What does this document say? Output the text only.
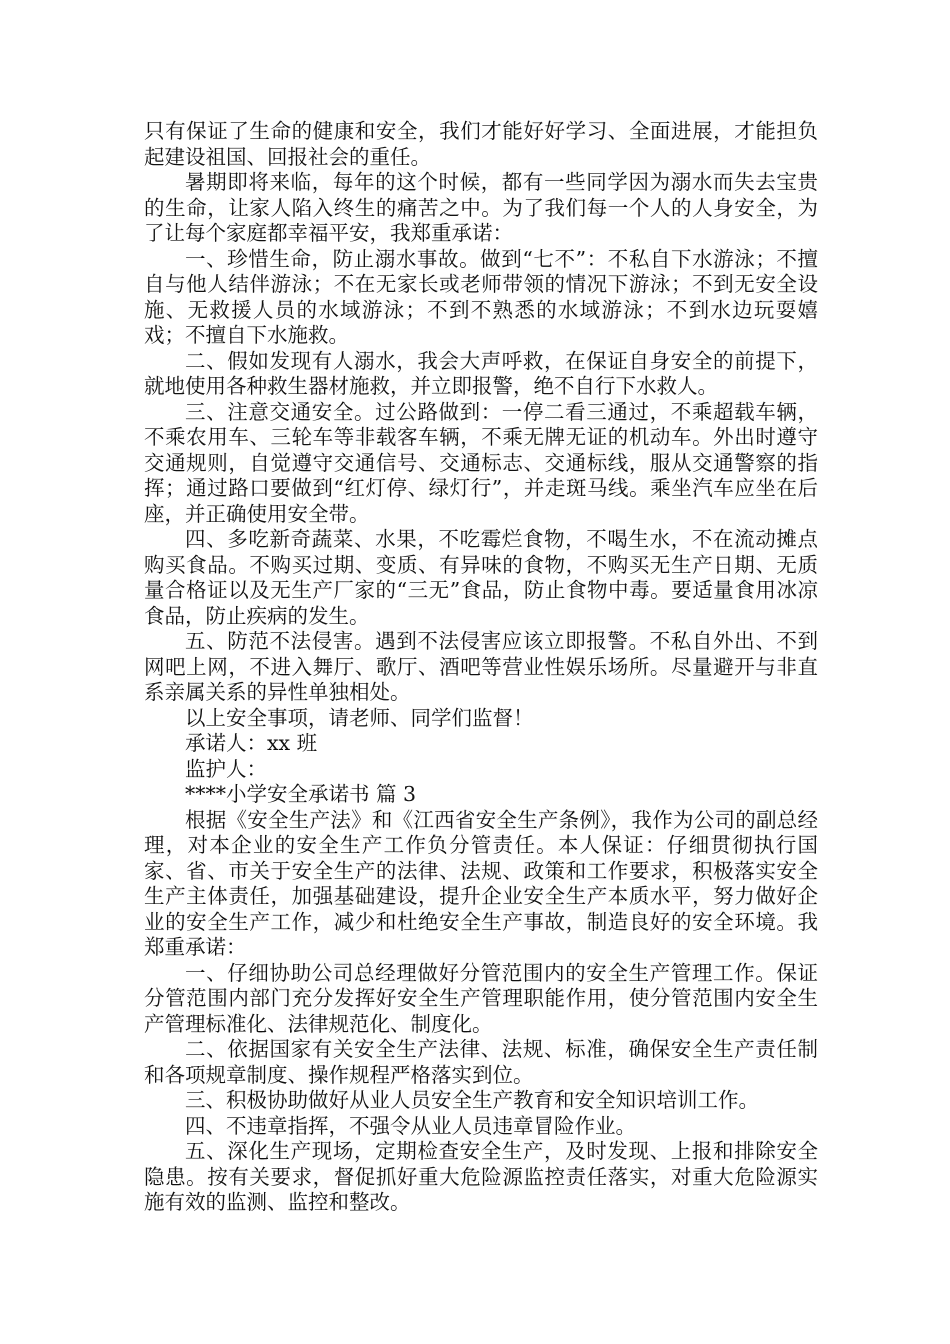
只有保证了生命的健康和安全，我们才能好好学习、全面进展，才能担负起建设祖国、回报社会的重任。

暑期即将来临，每年的这个时候，都有一些同学因为溺水而失去宝贵的生命，让家人陷入终生的痛苦之中。为了我们每一个人的人身安全，为了让每个家庭都幸福平安，我郑重承诺：

一、珍惜生命，防止溺水事故。做到“七不”：不私自下水游泳；不擅自与他人结伴游泳；不在无家长或老师带领的情况下游泳；不到无安全设施、无救援人员的水域游泳；不到不熟悉的水域游泳；不到水边玩耍嬉戏；不擅自下水施救。

二、假如发现有人溺水，我会大声呼救，在保证自身安全的前提下，就地使用各种救生器材施救，并立即报警，绝不自行下水救人。

三、注意交通安全。过公路做到：一停二看三通过，不乘超载车辆，不乘农用车、三轮车等非载客车辆，不乘无牌无证的机动车。外出时遵守交通规则，自觉遵守交通信号、交通标志、交通标线，服从交通警察的指挥；通过路口要做到“红灯停、绿灯行”，并走斑马线。乘坐汽车应坐在后座，并正确使用安全带。

四、多吃新奇蔬菜、水果，不吃霉烂食物，不喝生水，不在流动摊点购买食品。不购买过期、变质、有异味的食物，不购买无生产日期、无质量合格证以及无生产厂家的“三无”食品，防止食物中毒。要适量食用冰凉食品，防止疾病的发生。

五、防范不法侵害。遇到不法侵害应该立即报警。不私自外出、不到网吧上网，不进入舞厅、歌厅、酒吧等营业性娱乐场所。尽量避开与非直系亲属关系的异性单独相处。

以上安全事项，请老师、同学们监督！

承诺人：xx 班

监护人：

****小学安全承诺书 篇 3

根据《安全生产法》和《江西省安全生产条例》，我作为公司的副总经理，对本企业的安全生产工作负分管责任。本人保证：仔细贯彻执行国家、省、市关于安全生产的法律、法规、政策和工作要求，积极落实安全生产主体责任，加强基础建设，提升企业安全生产本质水平，努力做好企业的安全生产工作，减少和杜绝安全生产事故，制造良好的安全环境。我郑重承诺：

一、仔细协助公司总经理做好分管范围内的安全生产管理工作。保证分管范围内部门充分发挥好安全生产管理职能作用，使分管范围内安全生产管理标准化、法律规范化、制度化。

二、依据国家有关安全生产法律、法规、标准，确保安全生产责任制和各项规章制度、操作规程严格落实到位。

三、积极协助做好从业人员安全生产教育和安全知识培训工作。

四、不违章指挥，不强令从业人员违章冒险作业。

五、深化生产现场，定期检查安全生产，及时发现、上报和排除安全隐患。按有关要求，督促抓好重大危险源监控责任落实，对重大危险源实施有效的监测、监控和整改。
